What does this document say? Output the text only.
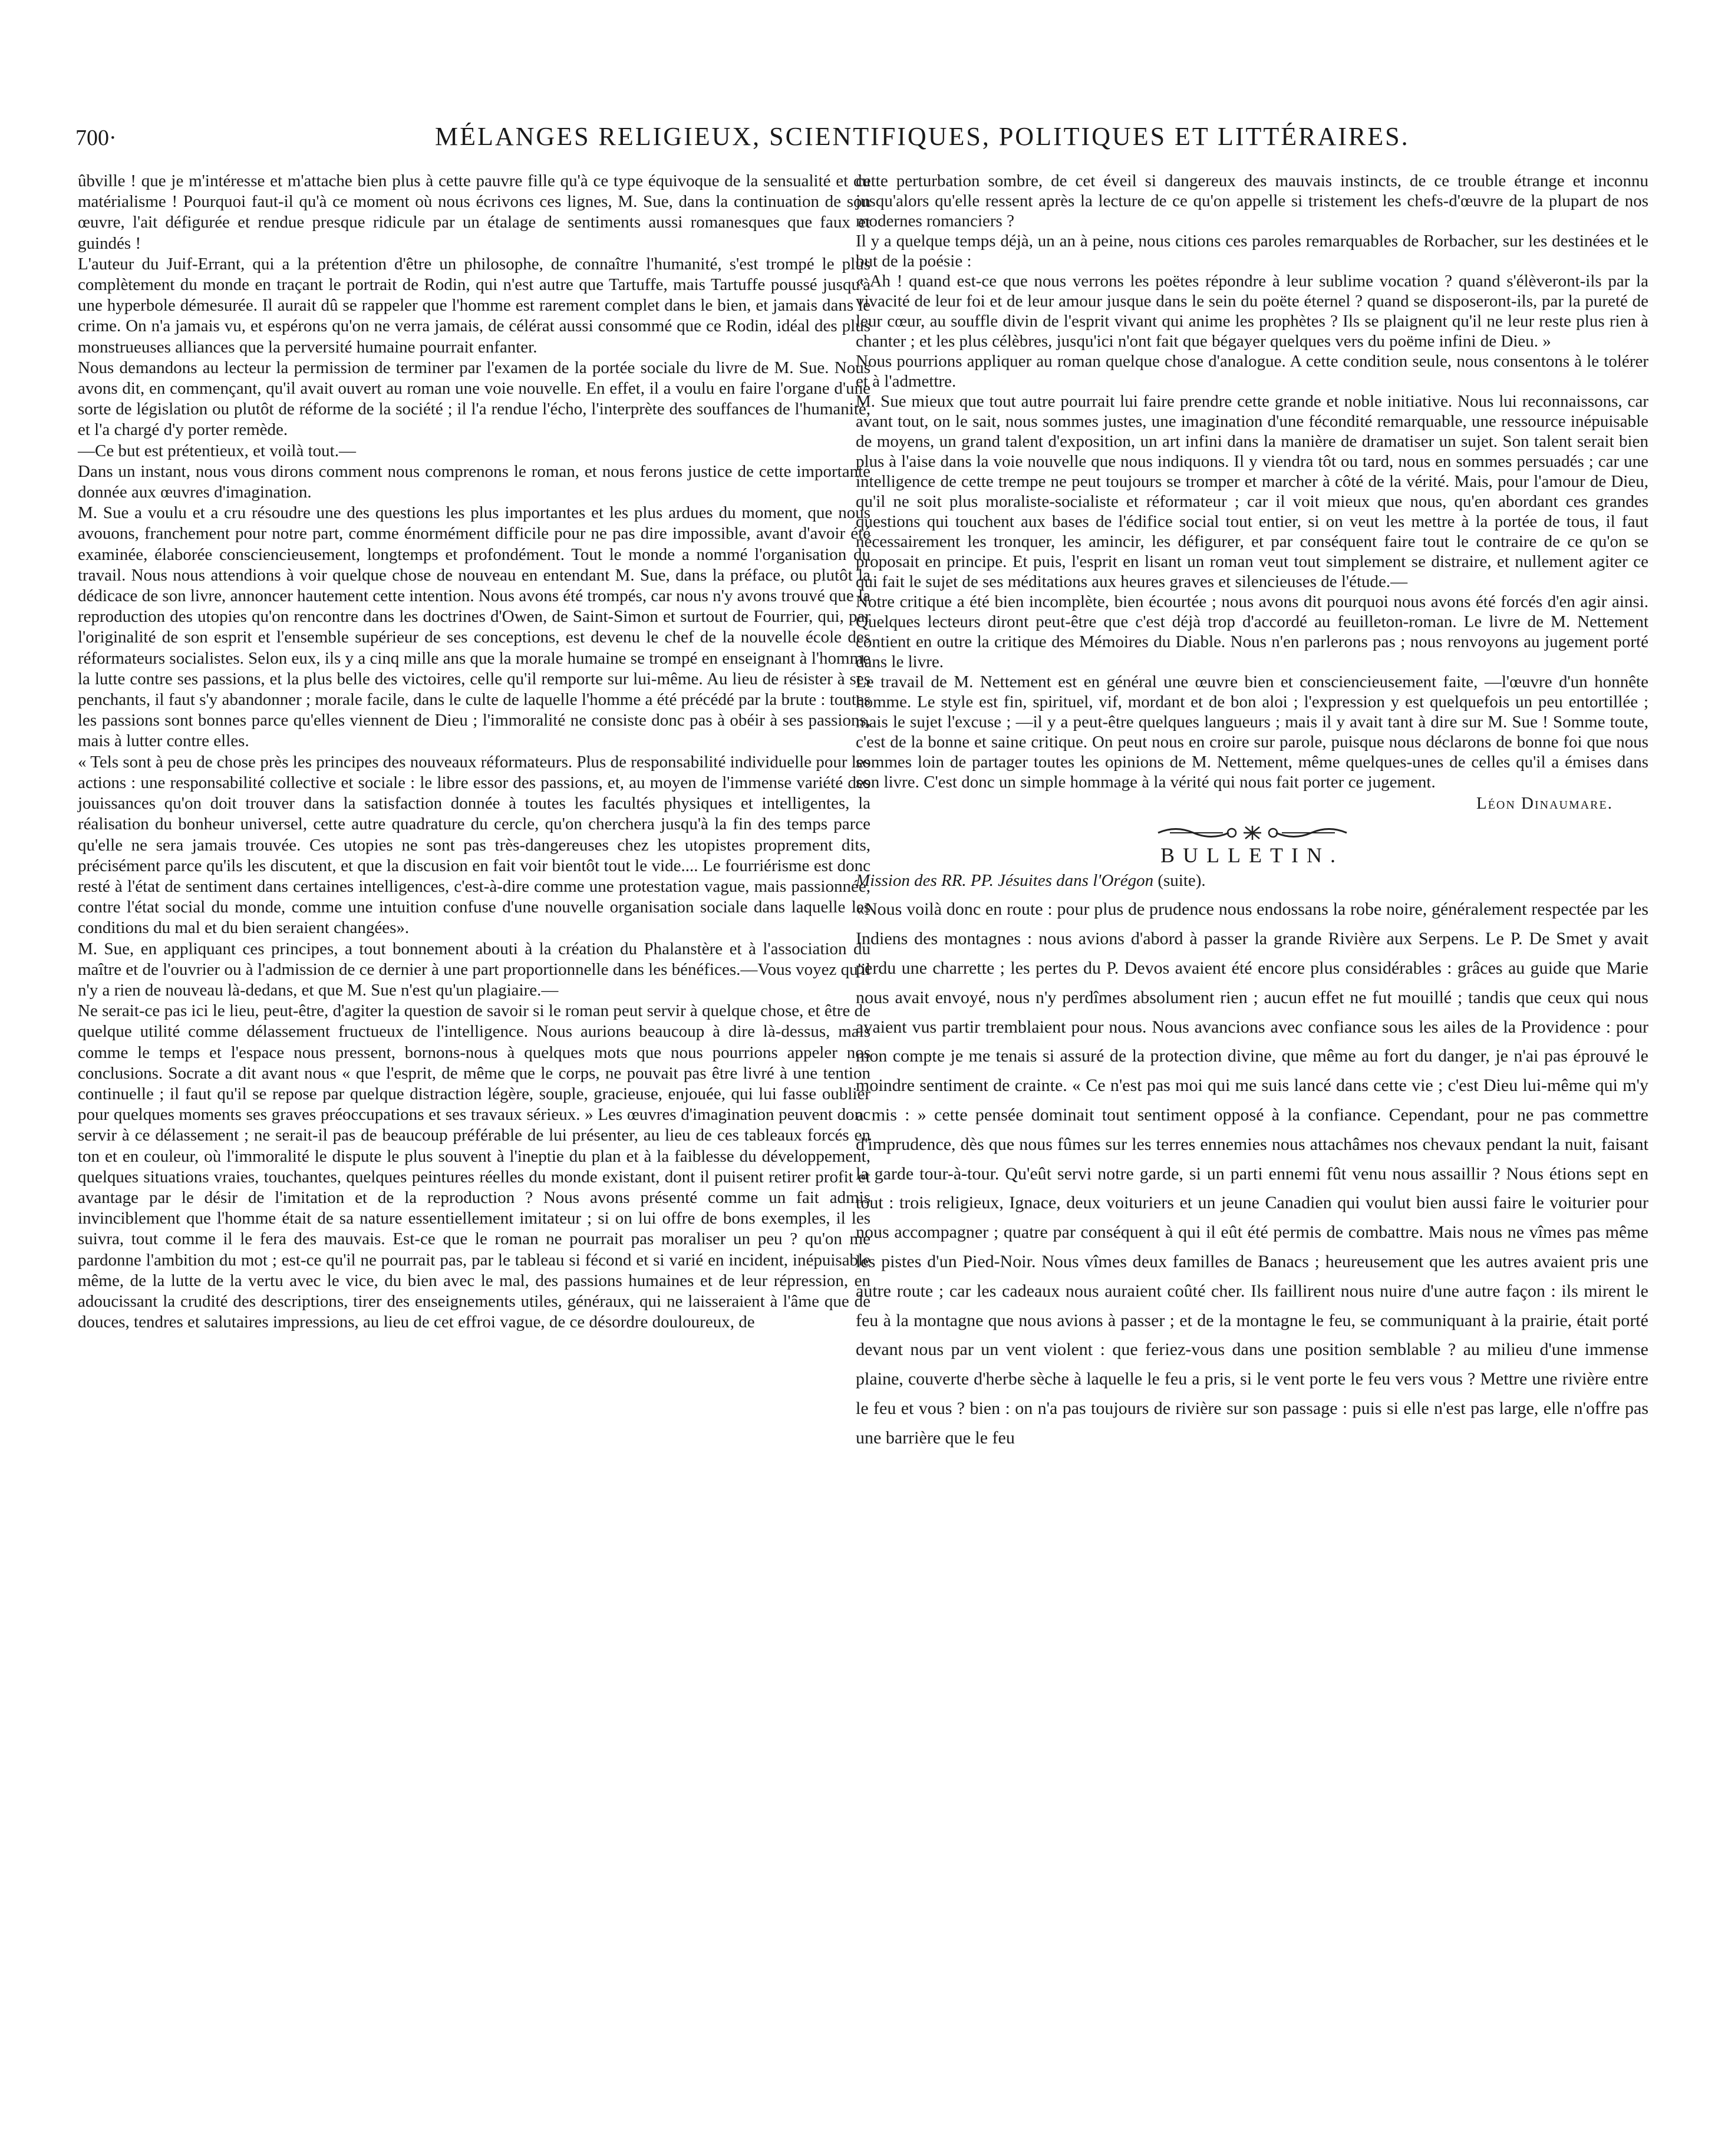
700·	MÉLANGES RELIGIEUX, SCIENTIFIQUES, POLITIQUES ET LITTÉRAIRES.

ûbville ! que je m'intéresse et m'attache bien plus à cette pauvre fille qu'à ce type équivoque de la sensualité et du matérialisme ! Pourquoi faut-il qu'à ce moment où nous écrivons ces lignes, M. Sue, dans la continuation de son œuvre, l'ait défigurée et rendue presque ridicule par un étalage de sentiments aussi romanesques que faux et guindés !

L'auteur du Juif-Errant, qui a la prétention d'être un philosophe, de connaître l'humanité, s'est trompé le plus complètement du monde en traçant le portrait de Rodin, qui n'est autre que Tartuffe, mais Tartuffe poussé jusqu'à une hyperbole démesurée. Il aurait dû se rappeler que l'homme est rarement complet dans le bien, et jamais dans le crime. On n'a jamais vu, et espérons qu'on ne verra jamais, de célérat aussi consommé que ce Rodin, idéal des plus monstrueuses alliances que la perversité humaine pourrait enfanter.

Nous demandons au lecteur la permission de terminer par l'examen de la portée sociale du livre de M. Sue. Nous avons dit, en commençant, qu'il avait ouvert au roman une voie nouvelle. En effet, il a voulu en faire l'organe d'une sorte de législation ou plutôt de réforme de la société ; il l'a rendue l'écho, l'interprète des souffances de l'humanité, et l'a chargé d'y porter remède.

—Ce but est prétentieux, et voilà tout.—

Dans un instant, nous vous dirons comment nous comprenons le roman, et nous ferons justice de cette importante donnée aux œuvres d'imagination.

M. Sue a voulu et a cru résoudre une des questions les plus importantes et les plus ardues du moment, que nous avouons, franchement pour notre part, comme énormément difficile pour ne pas dire impossible, avant d'avoir été examinée, élaborée consciencieusement, longtemps et profondément. Tout le monde a nommé l'organisation du travail. Nous nous attendions à voir quelque chose de nouveau en entendant M. Sue, dans la préface, ou plutôt la dédicace de son livre, annoncer hautement cette intention. Nous avons été trompés, car nous n'y avons trouvé que la reproduction des utopies qu'on rencontre dans les doctrines d'Owen, de Saint-Simon et surtout de Fourrier, qui, par l'originalité de son esprit et l'ensemble supérieur de ses conceptions, est devenu le chef de la nouvelle école des réformateurs socialistes. Selon eux, ils y a cinq mille ans que la morale humaine se trompé en enseignant à l'homme la lutte contre ses passions, et la plus belle des victoires, celle qu'il remporte sur lui-même. Au lieu de résister à ses penchants, il faut s'y abandonner ; morale facile, dans le culte de laquelle l'homme a été précédé par la brute : toutes les passions sont bonnes parce qu'elles viennent de Dieu ; l'immoralité ne consiste donc pas à obéir à ses passions, mais à lutter contre elles.

« Tels sont à peu de chose près les principes des nouveaux réformateurs. Plus de responsabilité individuelle pour les actions : une responsabilité collective et sociale : le libre essor des passions, et, au moyen de l'immense variété des jouissances qu'on doit trouver dans la satisfaction donnée à toutes les facultés physiques et intelligentes, la réalisation du bonheur universel, cette autre quadrature du cercle, qu'on cherchera jusqu'à la fin des temps parce qu'elle ne sera jamais trouvée. Ces utopies ne sont pas très-dangereuses chez les utopistes proprement dits, précisément parce qu'ils les discutent, et que la discusion en fait voir bientôt tout le vide.... Le fourriérisme est donc resté à l'état de sentiment dans certaines intelligences, c'est-à-dire comme une protestation vague, mais passionnée, contre l'état social du monde, comme une intuition confuse d'une nouvelle organisation sociale dans laquelle les conditions du mal et du bien seraient changées».

M. Sue, en appliquant ces principes, a tout bonnement abouti à la création du Phalanstère et à l'association du maître et de l'ouvrier ou à l'admission de ce dernier à une part proportionnelle dans les bénéfices.—Vous voyez qu'il n'y a rien de nouveau là-dedans, et que M. Sue n'est qu'un plagiaire.—

Ne serait-ce pas ici le lieu, peut-être, d'agiter la question de savoir si le roman peut servir à quelque chose, et être de quelque utilité comme délassement fructueux de l'intelligence. Nous aurions beaucoup à dire là-dessus, mais comme le temps et l'espace nous pressent, bornons-nous à quelques mots que nous pourrions appeler nos conclusions. Socrate a dit avant nous « que l'esprit, de même que le corps, ne pouvait pas être livré à une tention continuelle ; il faut qu'il se repose par quelque distraction légère, souple, gracieuse, enjouée, qui lui fasse oublier pour quelques moments ses graves préoccupations et ses travaux sérieux. » Les œuvres d'imagination peuvent donc servir à ce délassement ; ne serait-il pas de beaucoup préférable de lui présenter, au lieu de ces tableaux forcés en ton et en couleur, où l'immoralité le dispute le plus souvent à l'ineptie du plan et à la faiblesse du développement, quelques situations vraies, touchantes, quelques peintures réelles du monde existant, dont il puisent retirer profit et avantage par le désir de l'imitation et de la reproduction ? Nous avons présenté comme un fait admis invinciblement que l'homme était de sa nature essentiellement imitateur ; si on lui offre de bons exemples, il les suivra, tout comme il le fera des mauvais. Est-ce que le roman ne pourrait pas moraliser un peu ? qu'on me pardonne l'ambition du mot ; est-ce qu'il ne pourrait pas, par le tableau si fécond et si varié en incident, inépuisable même, de la lutte de la vertu avec le vice, du bien avec le mal, des passions humaines et de leur répression, en adoucissant la crudité des descriptions, tirer des enseignements utiles, généraux, qui ne laisseraient à l'âme que de douces, tendres et salutaires impressions, au lieu de cet effroi vague, de ce désordre douloureux, de

cette perturbation sombre, de cet éveil si dangereux des mauvais instincts, de ce trouble étrange et inconnu jusqu'alors qu'elle ressent après la lecture de ce qu'on appelle si tristement les chefs-d'œuvre de la plupart de nos modernes romanciers ?

Il y a quelque temps déjà, un an à peine, nous citions ces paroles remarquables de Rorbacher, sur les destinées et le but de la poésie :

« Ah ! quand est-ce que nous verrons les poëtes répondre à leur sublime vocation ? quand s'élèveront-ils par la vivacité de leur foi et de leur amour jusque dans le sein du poëte éternel ? quand se disposeront-ils, par la pureté de leur cœur, au souffle divin de l'esprit vivant qui anime les prophètes ? Ils se plaignent qu'il ne leur reste plus rien à chanter ; et les plus célèbres, jusqu'ici n'ont fait que bégayer quelques vers du poëme infini de Dieu. »

Nous pourrions appliquer au roman quelque chose d'analogue. A cette condition seule, nous consentons à le tolérer et à l'admettre.

M. Sue mieux que tout autre pourrait lui faire prendre cette grande et noble initiative. Nous lui reconnaissons, car avant tout, on le sait, nous sommes justes, une imagination d'une fécondité remarquable, une ressource inépuisable de moyens, un grand talent d'exposition, un art infini dans la manière de dramatiser un sujet. Son talent serait bien plus à l'aise dans la voie nouvelle que nous indiquons. Il y viendra tôt ou tard, nous en sommes persuadés ; car une intelligence de cette trempe ne peut toujours se tromper et marcher à côté de la vérité. Mais, pour l'amour de Dieu, qu'il ne soit plus moraliste-socialiste et réformateur ; car il voit mieux que nous, qu'en abordant ces grandes questions qui touchent aux bases de l'édifice social tout entier, si on veut les mettre à la portée de tous, il faut nécessairement les tronquer, les amincir, les défigurer, et par conséquent faire tout le contraire de ce qu'on se proposait en principe. Et puis, l'esprit en lisant un roman veut tout simplement se distraire, et nullement agiter ce qui fait le sujet de ses méditations aux heures graves et silencieuses de l'étude.—

Notre critique a été bien incomplète, bien écourtée ; nous avons dit pourquoi nous avons été forcés d'en agir ainsi. Quelques lecteurs diront peut-être que c'est déjà trop d'accordé au feuilleton-roman. Le livre de M. Nettement contient en outre la critique des Mémoires du Diable. Nous n'en parlerons pas ; nous renvoyons au jugement porté dans le livre.

Le travail de M. Nettement est en général une œuvre bien et consciencieusement faite, —l'œuvre d'un honnête homme. Le style est fin, spirituel, vif, mordant et de bon aloi ; l'expression y est quelquefois un peu entortillée ; mais le sujet l'excuse ; —il y a peut-être quelques langueurs ; mais il y avait tant à dire sur M. Sue ! Somme toute, c'est de la bonne et saine critique. On peut nous en croire sur parole, puisque nous déclarons de bonne foi que nous sommes loin de partager toutes les opinions de M. Nettement, même quelques-unes de celles qu'il a émises dans son livre. C'est donc un simple hommage à la vérité qui nous fait porter ce jugement.

Léon Dinaumare.

BULLETIN.

Mission des RR. PP. Jésuites dans l'Orégon (suite).

«Nous voilà donc en route : pour plus de prudence nous endossans la robe noire, généralement respectée par les Indiens des montagnes : nous avions d'abord à passer la grande Rivière aux Serpens. Le P. De Smet y avait perdu une charrette ; les pertes du P. Devos avaient été encore plus considérables : grâces au guide que Marie nous avait envoyé, nous n'y perdîmes absolument rien ; aucun effet ne fut mouillé ; tandis que ceux qui nous avaient vus partir tremblaient pour nous. Nous avancions avec confiance sous les ailes de la Providence : pour mon compte je me tenais si assuré de la protection divine, que même au fort du danger, je n'ai pas éprouvé le moindre sentiment de crainte. « Ce n'est pas moi qui me suis lancé dans cette vie ; c'est Dieu lui-même qui m'y a mis : » cette pensée dominait tout sentiment opposé à la confiance. Cependant, pour ne pas commettre d'imprudence, dès que nous fûmes sur les terres ennemies nous attachâmes nos chevaux pendant la nuit, faisant la garde tour-à-tour. Qu'eût servi notre garde, si un parti ennemi fût venu nous assaillir ? Nous étions sept en tout : trois religieux, Ignace, deux voituriers et un jeune Canadien qui voulut bien aussi faire le voiturier pour nous accompagner ; quatre par conséquent à qui il eût été permis de combattre. Mais nous ne vîmes pas même les pistes d'un Pied-Noir. Nous vîmes deux familles de Banacs ; heureusement que les autres avaient pris une autre route ; car les cadeaux nous auraient coûté cher. Ils faillirent nous nuire d'une autre façon : ils mirent le feu à la montagne que nous avions à passer ; et de la montagne le feu, se communiquant à la prairie, était porté devant nous par un vent violent : que feriez-vous dans une position semblable ? au milieu d'une immense plaine, couverte d'herbe sèche à laquelle le feu a pris, si le vent porte le feu vers vous ? Mettre une rivière entre le feu et vous ? bien : on n'a pas toujours de rivière sur son passage : puis si elle n'est pas large, elle n'offre pas une barrière que le feu
